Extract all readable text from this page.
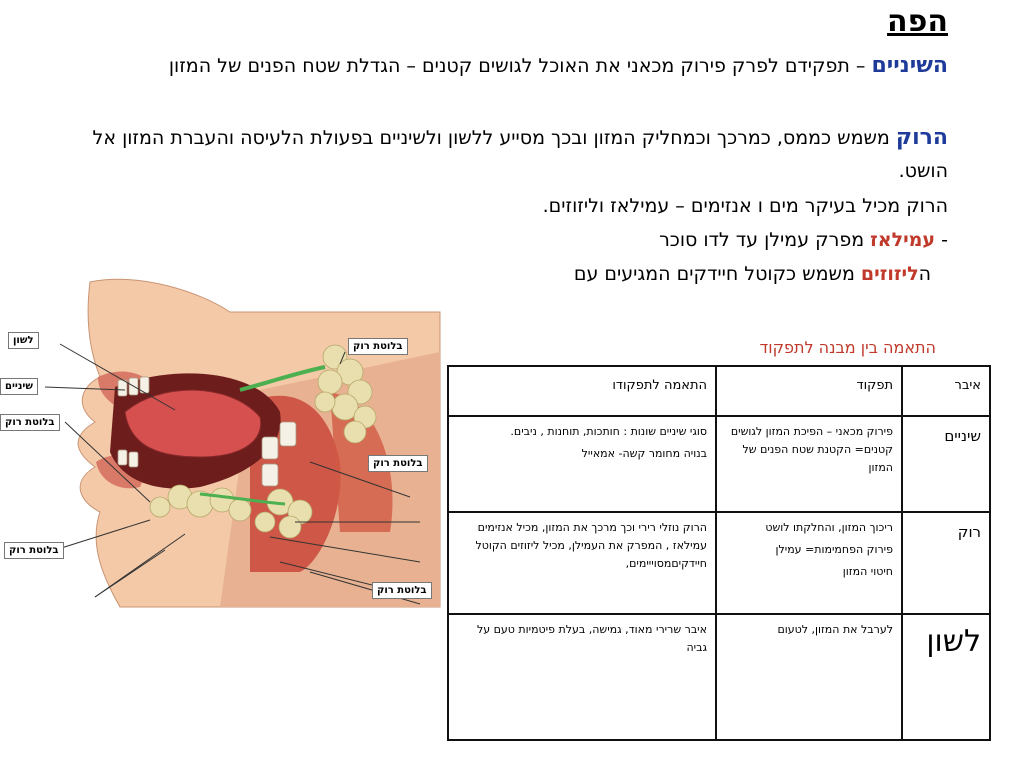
הפה
השיניים – תפקידם לפרק פירוק מכאני את האוכל לגושים קטנים – הגדלת שטח הפנים של המזון
הרוק משמש כממס, כמרכך וכמחליק המזון ובכך מסייע ללשון ולשיניים בפעולת הלעיסה והעברת המזון אל הושט.
הרוק מכיל בעיקר מים ו אנזימים – עמילאז וליזוזים.
- עמילאז מפרק עמילן עד לדו סוכר
הליזוזים משמש כקוטל חיידקים המגיעים עם
לשון
שיניים
בלוטת רוק
בלוטת רוק
בלוטת רוק
בלוטת רוק
בלוטת רוק
התאמה בין מבנה לתפקוד
איבר	תפקוד	התאמה לתפקודו
שיניים	פירוק מכאני – הפיכת המזון לגושים קטנים= הקטנת שטח הפנים של המזון	סוגי שיניים שונות : חותכות, תוחנות , ניבים.

בנויה מחומר קשה- אמאייל

רוק	ריכוך המזון, והחלקתו לושט

פירוק הפחמימות= עמילן

חיטוי המזון	הרוק נוזלי רירי וכך מרכך את המזון, מכיל אנזימים עמילאז , המפרק את העמילן, מכיל ליזוזים הקוטל חיידקיםמסוייימים,

לשון	לערבל את המזון, לטעום	איבר שרירי מאוד, גמישה, בעלת פיטמיות טעם על גביה
